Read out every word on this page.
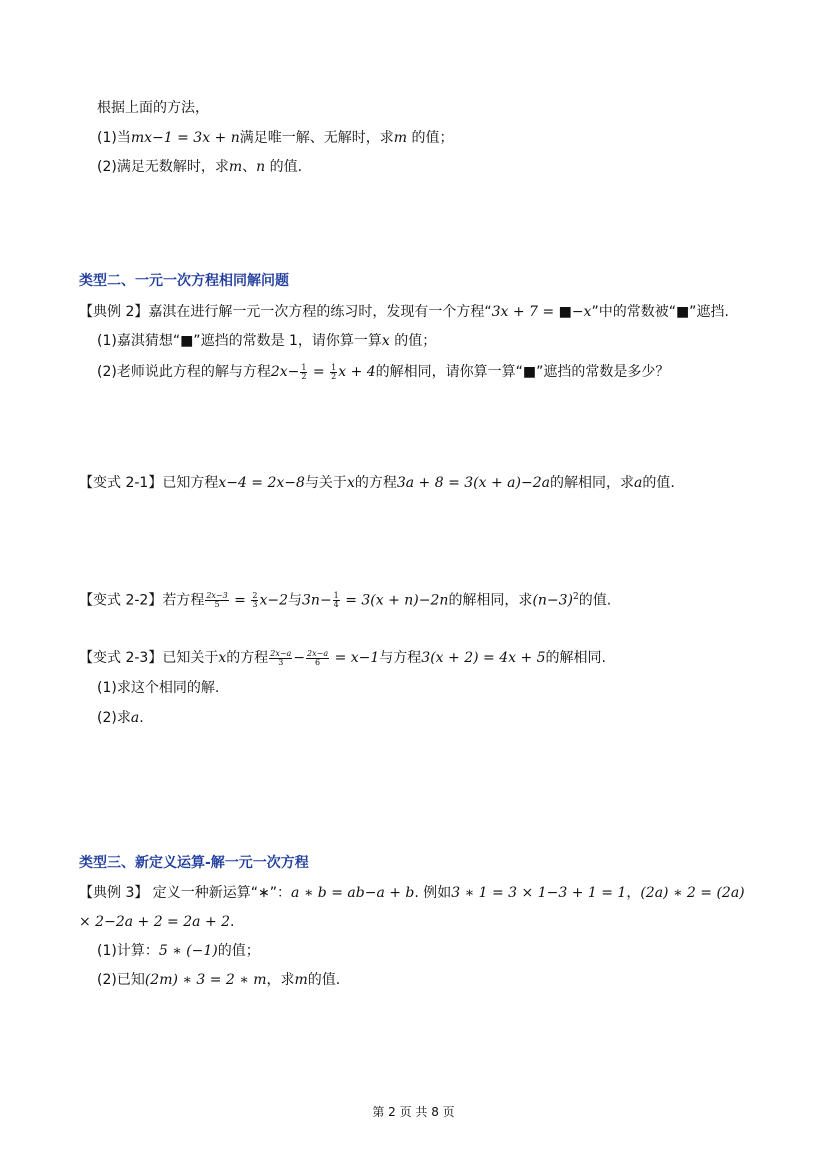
根据上面的方法，
(1)当mx−1 = 3x + n满足唯一解、无解时，求m 的值；
(2)满足无数解时，求m、n 的值.
类型二、一元一次方程相同解问题
【典例 2】嘉淇在进行解一元一次方程的练习时，发现有一个方程“3x + 7 = ■−x”中的常数被“■”遮挡.
(1)嘉淇猜想“■”遮挡的常数是 1，请你算一算x 的值；
(2)老师说此方程的解与方程$2x- \frac{1}{2} = \frac{1}{2}$ x + 4的解相同，请你算一算“■”遮挡的常数是多少？
【变式 2-1】已知方程x−4 = 2x−8与关于x的方程3a + 8 = 3(x + a)−2a的解相同，求a的值.
【变式 2-2】若方程 $\frac{2x-3}{5} = \frac{2}{3} x-2$与$3n- \frac{1}{4} = 3(x + n)-2n$的解相同，求$(n-3)^2$的值.
【变式 2-3】已知关于x的方程 $\frac{2x-a}{3} - \frac{2x-a}{6} = x-1$与方程3(x + 2) = 4x + 5的解相同.
(1)求这个相同的解.
(2)求a.
类型三、新定义运算-解一元一次方程
【典例 3】 定义一种新运算“∗”：a ∗ b = ab−a + b. 例如3 ∗ 1 = 3 × 1−3 + 1 = 1，(2a) ∗ 2 = (2a)
× 2−2a + 2 = 2a + 2.
(1)计算：5 ∗ (−1)的值；
(2)已知(2m) ∗ 3 = 2 ∗ m，求m的值.
第 2 页 共 8 页
